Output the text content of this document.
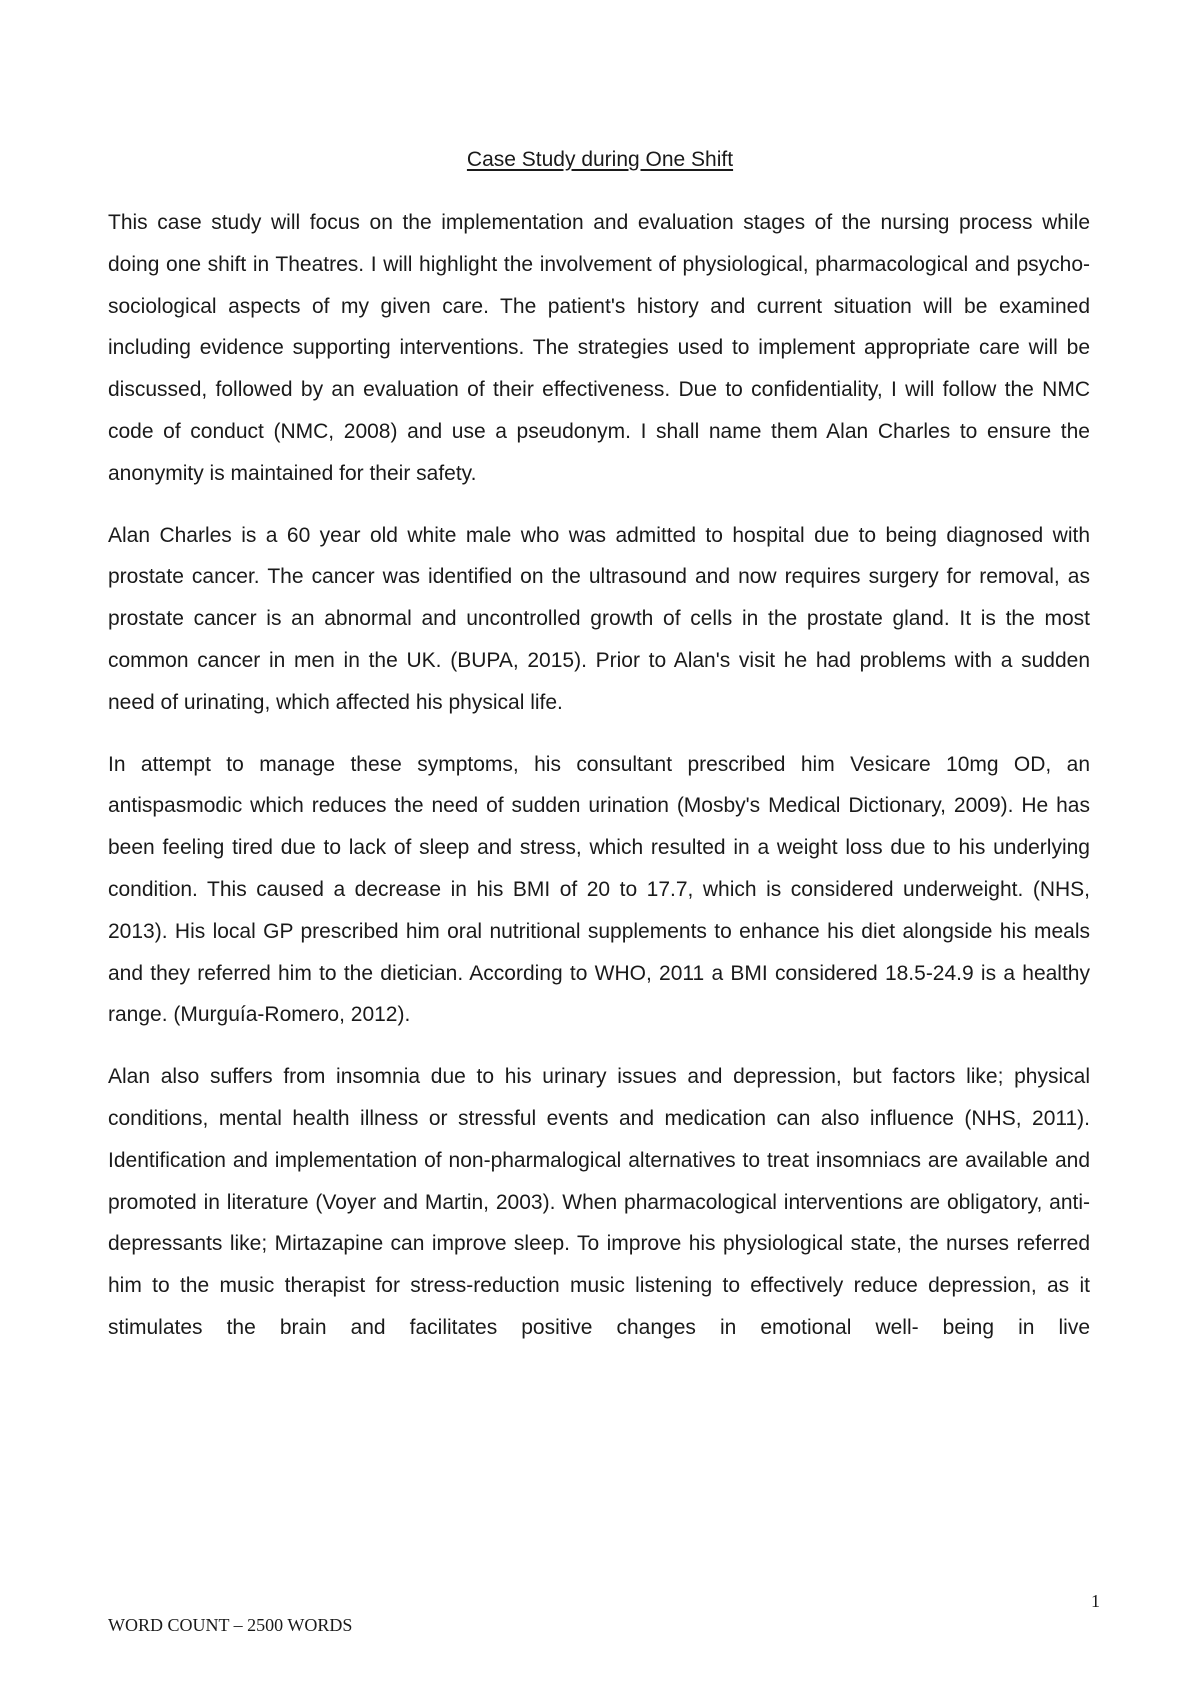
Case Study during One Shift

This case study will focus on the implementation and evaluation stages of the nursing process while doing one shift in Theatres. I will highlight the involvement of physiological, pharmacological and psycho-sociological aspects of my given care. The patient's history and current situation will be examined including evidence supporting interventions. The strategies used to implement appropriate care will be discussed, followed by an evaluation of their effectiveness. Due to confidentiality, I will follow the NMC code of conduct (NMC, 2008) and use a pseudonym. I shall name them Alan Charles to ensure the anonymity is maintained for their safety.

Alan Charles is a 60 year old white male who was admitted to hospital due to being diagnosed with prostate cancer. The cancer was identified on the ultrasound and now requires surgery for removal, as prostate cancer is an abnormal and uncontrolled growth of cells in the prostate gland. It is the most common cancer in men in the UK. (BUPA, 2015). Prior to Alan's visit he had problems with a sudden need of urinating, which affected his physical life.

In attempt to manage these symptoms, his consultant prescribed him Vesicare 10mg OD, an antispasmodic which reduces the need of sudden urination (Mosby's Medical Dictionary, 2009). He has been feeling tired due to lack of sleep and stress, which resulted in a weight loss due to his underlying condition. This caused a decrease in his BMI of 20 to 17.7, which is considered underweight. (NHS, 2013). His local GP prescribed him oral nutritional supplements to enhance his diet alongside his meals and they referred him to the dietician. According to WHO, 2011 a BMI considered 18.5-24.9 is a healthy range. (Murguía-Romero, 2012).

Alan also suffers from insomnia due to his urinary issues and depression, but factors like; physical conditions, mental health illness or stressful events and medication can also influence (NHS, 2011). Identification and implementation of non-pharmalogical alternatives to treat insomniacs are available and promoted in literature (Voyer and Martin, 2003). When pharmacological interventions are obligatory, anti-depressants like; Mirtazapine can improve sleep. To improve his physiological state, the nurses referred him to the music therapist for stress-reduction music listening to effectively reduce depression, as it stimulates the brain and facilitates positive changes in emotional well- being in live

1
WORD COUNT – 2500 WORDS
